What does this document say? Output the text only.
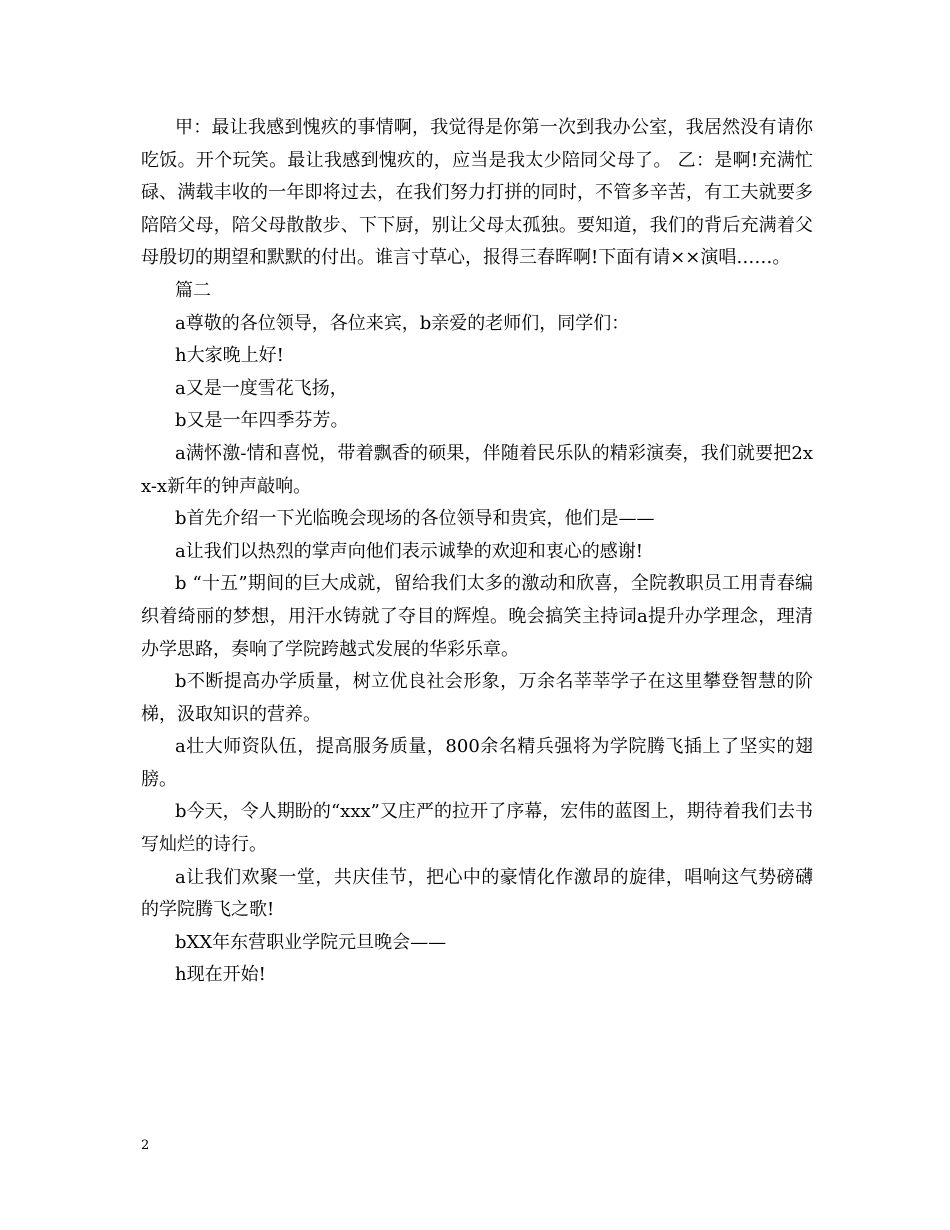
甲：最让我感到愧疚的事情啊，我觉得是你第一次到我办公室，我居然没有请你吃饭。开个玩笑。最让我感到愧疚的，应当是我太少陪同父母了。 乙：是啊!充满忙碌、满载丰收的一年即将过去，在我们努力打拼的同时，不管多辛苦，有工夫就要多陪陪父母，陪父母散散步、下下厨，别让父母太孤独。要知道，我们的背后充满着父母殷切的期望和默默的付出。谁言寸草心，报得三春晖啊!下面有请××演唱……。

篇二

a尊敬的各位领导，各位来宾，b亲爱的老师们，同学们：

h大家晚上好!

a又是一度雪花飞扬，

b又是一年四季芬芳。

a满怀激-情和喜悦，带着飘香的硕果，伴随着民乐队的精彩演奏，我们就要把2xx-x新年的钟声敲响。

b首先介绍一下光临晚会现场的各位领导和贵宾，他们是——

a让我们以热烈的掌声向他们表示诚挚的欢迎和衷心的感谢!

b “十五”期间的巨大成就，留给我们太多的激动和欣喜，全院教职员工用青春编织着绮丽的梦想，用汗水铸就了夺目的辉煌。晚会搞笑主持词a提升办学理念，理清办学思路，奏响了学院跨越式发展的华彩乐章。

b不断提高办学质量，树立优良社会形象，万余名莘莘学子在这里攀登智慧的阶梯，汲取知识的营养。

a壮大师资队伍，提高服务质量，800余名精兵强将为学院腾飞插上了坚实的翅膀。

b今天，令人期盼的“xxx”又庄严的拉开了序幕，宏伟的蓝图上，期待着我们去书写灿烂的诗行。

a让我们欢聚一堂，共庆佳节，把心中的豪情化作激昂的旋律，唱响这气势磅礴的学院腾飞之歌!

bXX年东营职业学院元旦晚会——

h现在开始!

2
